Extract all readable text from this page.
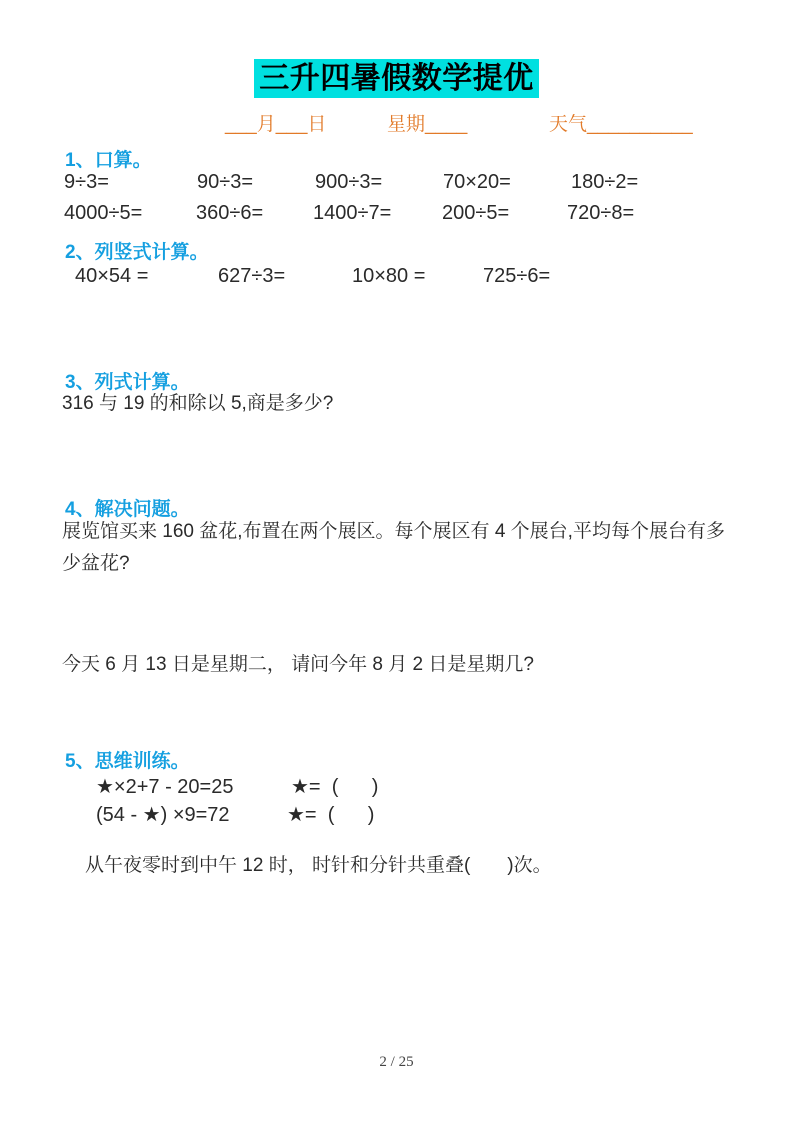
三升四暑假数学提优
___月___日	星期____	天气__________
1、口算。
9÷3=	90÷3=	900÷3=	70×20=	180÷2=
4000÷5=	360÷6= 1400÷7=	200÷5=	720÷8=
2、列竖式计算。
40×54 =	627÷3=	10×80 =	725÷6=
3、列式计算。
316 与 19 的和除以 5,商是多少?
4、解决问题。
展览馆买来 160 盆花,布置在两个展区。每个展区有 4 个展台,平均每个展台有多少盆花?
今天 6 月 13 日是星期二， 请问今年 8 月 2 日是星期几?
5、思维训练。
★×2+7 - 20=25	★=  (      )
(54 - ★) ×9=72	★=  (      )
从午夜零时到中午 12 时， 时针和分针共重叠(       )次。
2 / 25
